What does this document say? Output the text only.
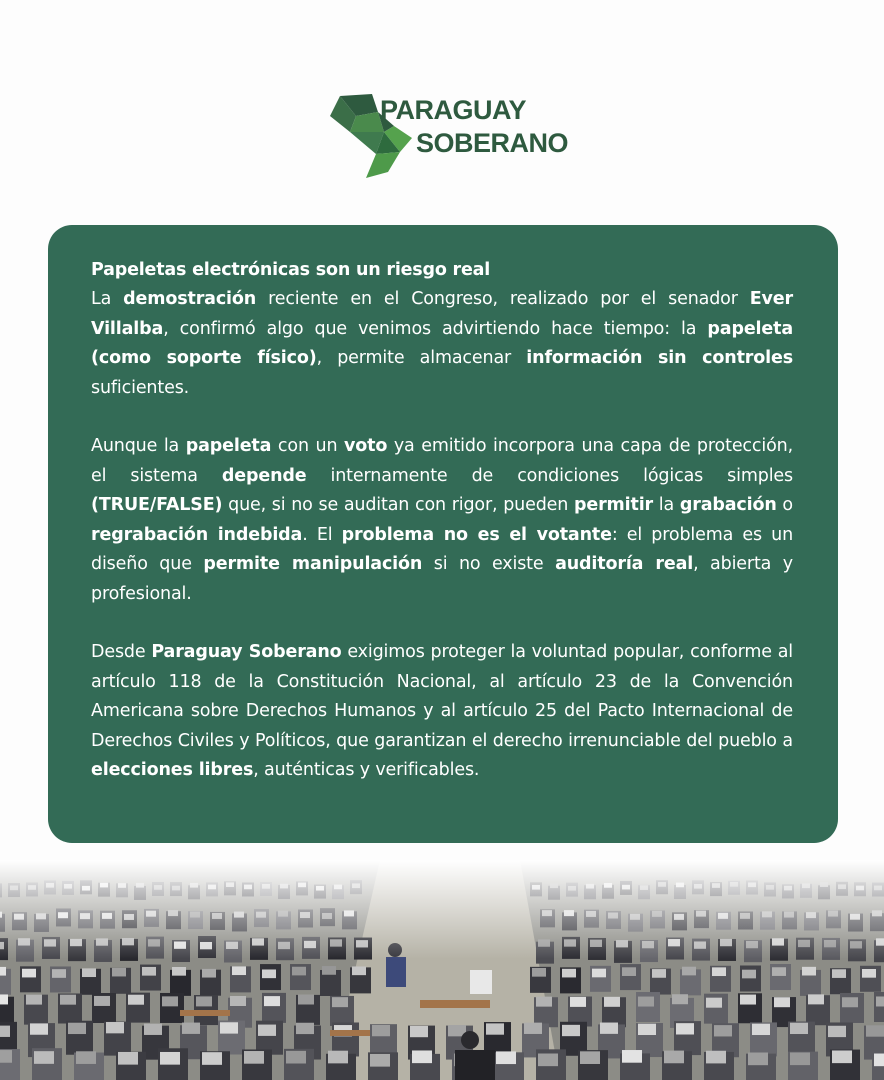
PARAGUAY
SOBERANO
Papeletas electrónicas son un riesgo real

La demostración reciente en el Congreso, realizado por el senador Ever Villalba, confirmó algo que venimos advirtiendo hace tiempo: la papeleta (como soporte físico), permite almacenar información sin controles suficientes.

Aunque la papeleta con un voto ya emitido incorpora una capa de protección, el sistema depende internamente de condiciones lógicas simples (TRUE/FALSE) que, si no se auditan con rigor, pueden permitir la grabación o regrabación indebida. El problema no es el votante: el problema es un diseño que permite manipulación si no existe auditoría real, abierta y profesional.

Desde Paraguay Soberano exigimos proteger la voluntad popular, conforme al artículo 118 de la Constitución Nacional, al artículo 23 de la Convención Americana sobre Derechos Humanos y al artículo 25 del Pacto Internacional de Derechos Civiles y Políticos, que garantizan el derecho irrenunciable del pueblo a elecciones libres, auténticas y verificables.
